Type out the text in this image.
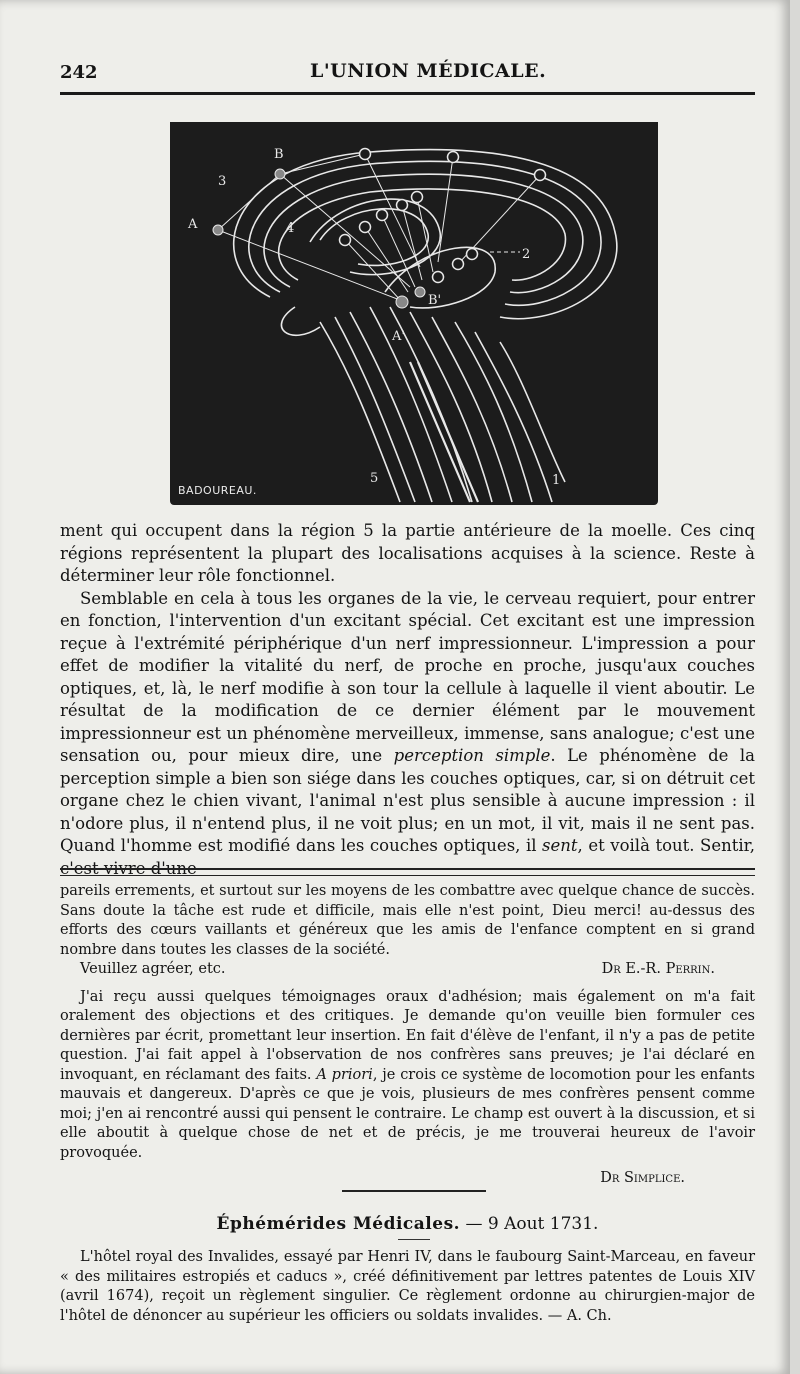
242	L'UNION MÉDICALE.
A
B
A'
B'
1
2
3
4
5
BADOUREAU.

ment qui occupent dans la région 5 la partie antérieure de la moelle. Ces cinq régions représentent la plupart des localisations acquises à la science. Reste à déterminer leur rôle fonctionnel.

Semblable en cela à tous les organes de la vie, le cerveau requiert, pour entrer en fonction, l'intervention d'un excitant spécial. Cet excitant est une impression reçue à l'extrémité périphérique d'un nerf impressionneur. L'impression a pour effet de modifier la vitalité du nerf, de proche en proche, jusqu'aux couches optiques, et, là, le nerf modifie à son tour la cellule à laquelle il vient aboutir. Le résultat de la modification de ce dernier élément par le mouvement impressionneur est un phénomène merveilleux, immense, sans analogue; c'est une sensation ou, pour mieux dire, une perception simple. Le phénomène de la perception simple a bien son siége dans les couches optiques, car, si on détruit cet organe chez le chien vivant, l'animal n'est plus sensible à aucune impression : il n'odore plus, il n'entend plus, il ne voit plus; en un mot, il vit, mais il ne sent pas. Quand l'homme est modifié dans les couches optiques, il sent, et voilà tout. Sentir, c'est vivre d'une

pareils errements, et surtout sur les moyens de les combattre avec quelque chance de succès. Sans doute la tâche est rude et difficile, mais elle n'est point, Dieu merci! au-dessus des efforts des cœurs vaillants et généreux que les amis de l'enfance comptent en si grand nombre dans toutes les classes de la société.

Veuillez agréer, etc.	Dr E.-R. Perrin.

J'ai reçu aussi quelques témoignages oraux d'adhésion; mais également on m'a fait oralement des objections et des critiques. Je demande qu'on veuille bien formuler ces dernières par écrit, promettant leur insertion. En fait d'élève de l'enfant, il n'y a pas de petite question. J'ai fait appel à l'observation de nos confrères sans preuves; je l'ai déclaré en invoquant, en réclamant des faits. A priori, je crois ce système de locomotion pour les enfants mauvais et dangereux. D'après ce que je vois, plusieurs de mes confrères pensent comme moi; j'en ai rencontré aussi qui pensent le contraire. Le champ est ouvert à la discussion, et si elle aboutit à quelque chose de net et de précis, je me trouverai heureux de l'avoir provoquée.

Dr Simplice.

Éphémérides Médicales. — 9 Aout 1731.

L'hôtel royal des Invalides, essayé par Henri IV, dans le faubourg Saint-Marceau, en faveur « des militaires estropiés et caducs », créé définitivement par lettres patentes de Louis XIV (avril 1674), reçoit un règlement singulier. Ce règlement ordonne au chirurgien-major de l'hôtel de dénoncer au supérieur les officiers ou soldats invalides. — A. Ch.
